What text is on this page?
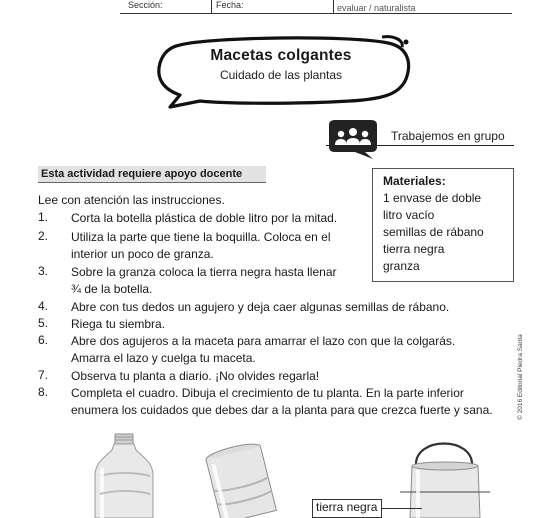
Sección:	Fecha:	evaluar / naturalista
Macetas colgantes
Cuidado de las plantas
Trabajemos en grupo
Esta actividad requiere apoyo docente	Materiales:
1 envase de doble
litro vacío
semillas de rábano
tierra negra
granza
Lee con atención las instrucciones.
1.	Corta la botella plástica de doble litro por la mitad.
2.	Utiliza la parte que tiene la boquilla. Coloca en el
interior un poco de granza.
3.	Sobre la granza coloca la tierra negra hasta llenar
¾ de la botella.
4.	Abre con tus dedos un agujero y deja caer algunas semillas de rábano.
5.	Riega tu siembra.
6.	Abre dos agujeros a la maceta para amarrar el lazo con que la colgarás.
Amarra el lazo y cuelga tu maceta.
7.	Observa tu planta a diario. ¡No olvides regarla!
8.	Completa el cuadro. Dibuja el crecimiento de tu planta. En la parte inferior
enumera los cuidados que debes dar a la planta para que crezca fuerte y sana.	© 2016 Editorial Piedra Santa
tierra negra
